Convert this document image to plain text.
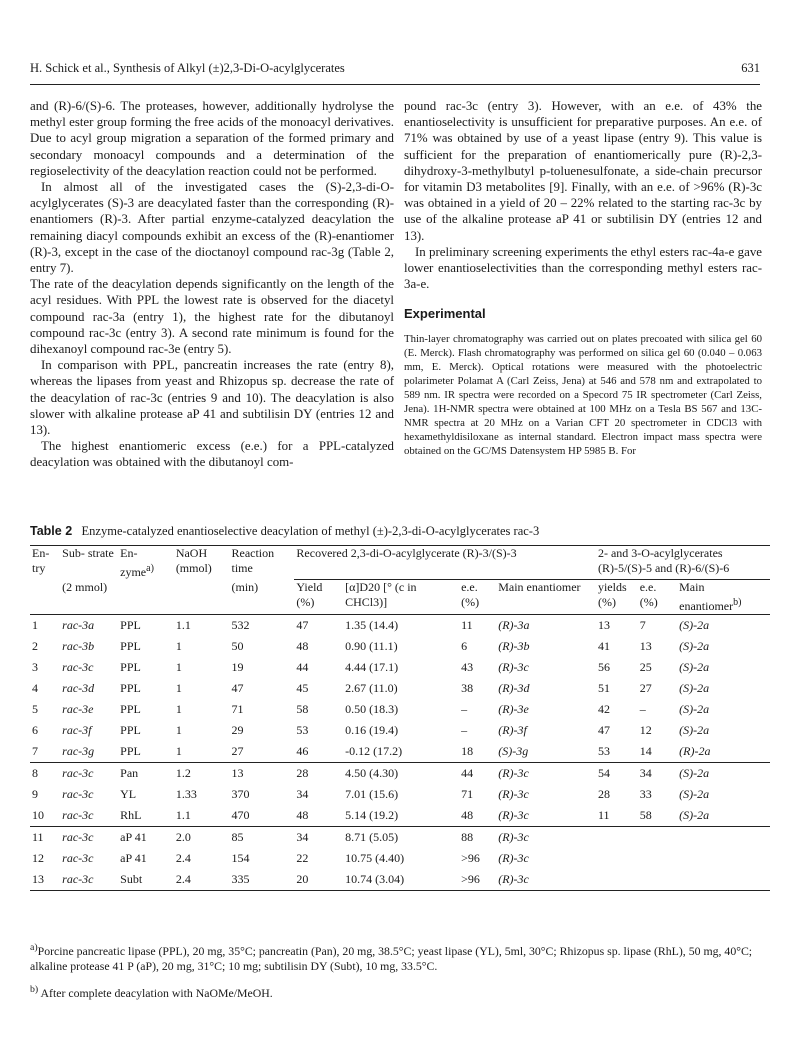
H. Schick et al., Synthesis of Alkyl (±)2,3-Di-O-acylglycerates	631

and (R)-6/(S)-6. The proteases, however, additionally hydrolyse the methyl ester group forming the free acids of the monoacyl derivatives. Due to acyl group migration a separation of the formed primary and secondary monoacyl compounds and a determination of the regioselectivity of the deacylation reaction could not be performed.

In almost all of the investigated cases the (S)-2,3-di-O-acylglycerates (S)-3 are deacylated faster than the corresponding (R)-enantiomers (R)-3. After partial enzyme-catalyzed deacylation the remaining diacyl compounds exhibit an excess of the (R)-enantiomer (R)-3, except in the case of the dioctanoyl compound rac-3g (Table 2, entry 7).

The rate of the deacylation depends significantly on the length of the acyl residues. With PPL the lowest rate is observed for the diacetyl compound rac-3a (entry 1), the highest rate for the dibutanoyl compound rac-3c (entry 3). A second rate minimum is found for the dihexanoyl compound rac-3e (entry 5).

In comparison with PPL, pancreatin increases the rate (entry 8), whereas the lipases from yeast and Rhizopus sp. decrease the rate of the deacylation of rac-3c (entries 9 and 10). The deacylation is also slower with alkaline protease aP 41 and subtilisin DY (entries 12 and 13).

The highest enantiomeric excess (e.e.) for a PPL-catalyzed deacylation was obtained with the dibutanoyl com-

pound rac-3c (entry 3). However, with an e.e. of 43% the enantioselectivity is unsufficient for preparative purposes. An e.e. of 71% was obtained by use of a yeast lipase (entry 9). This value is sufficient for the preparation of enantiomerically pure (R)-2,3-dihydroxy-3-methylbutyl p-toluenesulfonate, a side-chain precursor for vitamin D3 metabolites [9]. Finally, with an e.e. of >96% (R)-3c was obtained in a yield of 20 – 22% related to the starting rac-3c by use of the alkaline protease aP 41 or subtilisin DY (entries 12 and 13).

In preliminary screening experiments the ethyl esters rac-4a-e gave lower enantioselectivities than the corresponding methyl esters rac-3a-e.

Experimental

Thin-layer chromatography was carried out on plates precoated with silica gel 60 (E. Merck). Flash chromatography was performed on silica gel 60 (0.040 – 0.063 mm, E. Merck). Optical rotations were measured with the photoelectric polarimeter Polamat A (Carl Zeiss, Jena) at 546 and 578 nm and extrapolated to 589 nm. IR spectra were recorded on a Specord 75 IR spectrometer (Carl Zeiss, Jena). 1H-NMR spectra were obtained at 100 MHz on a Tesla BS 567 and 13C-NMR spectra at 20 MHz on a Varian CFT 20 spectrometer in CDCl3 with hexamethyldisiloxane as internal standard. Electron impact mass spectra were obtained on the GC/MS Datensystem HP 5985 B. For

Table 2 Enzyme-catalyzed enantioselective deacylation of methyl (±)-2,3-di-O-acylglycerates rac-3
En- try	Sub- strate	En- zyme$^{a)}$	NaOH (mmol)	Reaction time	Recovered 2,3-di-O-acylglycerate (R)-3/(S)-3				2- and 3-O-acylglycerates (R)-5/(S)-5 and (R)-6/(S)-6		

	(2 mmol)			(min)	Yield (%)	[α]D20 [° (c in CHCl3)]	e.e. (%)	Main enantiomer	yields (%)	e.e. (%)	Main enantiomer$^{b)}$
1	rac-3a	PPL	1.1	532	47	1.35 (14.4)	11	(R)-3a	13	7	(S)-2a
2	rac-3b	PPL	1	50	48	0.90 (11.1)	6	(R)-3b	41	13	(S)-2a
3	rac-3c	PPL	1	19	44	4.44 (17.1)	43	(R)-3c	56	25	(S)-2a
4	rac-3d	PPL	1	47	45	2.67 (11.0)	38	(R)-3d	51	27	(S)-2a
5	rac-3e	PPL	1	71	58	0.50 (18.3)	–	(R)-3e	42	–	(S)-2a
6	rac-3f	PPL	1	29	53	0.16 (19.4)	–	(R)-3f	47	12	(S)-2a
7	rac-3g	PPL	1	27	46	-0.12 (17.2)	18	(S)-3g	53	14	(R)-2a
8	rac-3c	Pan	1.2	13	28	4.50 (4.30)	44	(R)-3c	54	34	(S)-2a
9	rac-3c	YL	1.33	370	34	7.01 (15.6)	71	(R)-3c	28	33	(S)-2a
10	rac-3c	RhL	1.1	470	48	5.14 (19.2)	48	(R)-3c	11	58	(S)-2a
11	rac-3c	aP 41	2.0	85	34	8.71 (5.05)	88	(R)-3c			
12	rac-3c	aP 41	2.4	154	22	10.75 (4.40)	>96	(R)-3c			
13	rac-3c	Subt	2.4	335	20	10.74 (3.04)	>96	(R)-3c			

$^{a)}$Porcine pancreatic lipase (PPL), 20 mg, 35°C; pancreatin (Pan), 20 mg, 38.5°C; yeast lipase (YL), 5ml, 30°C; Rhizopus sp. lipase (RhL), 50 mg, 40°C; alkaline protease 41 P (aP), 20 mg, 31°C; 10 mg; subtilisin DY (Subt), 10 mg, 33.5°C.

$^{b)}$ After complete deacylation with NaOMe/MeOH.
